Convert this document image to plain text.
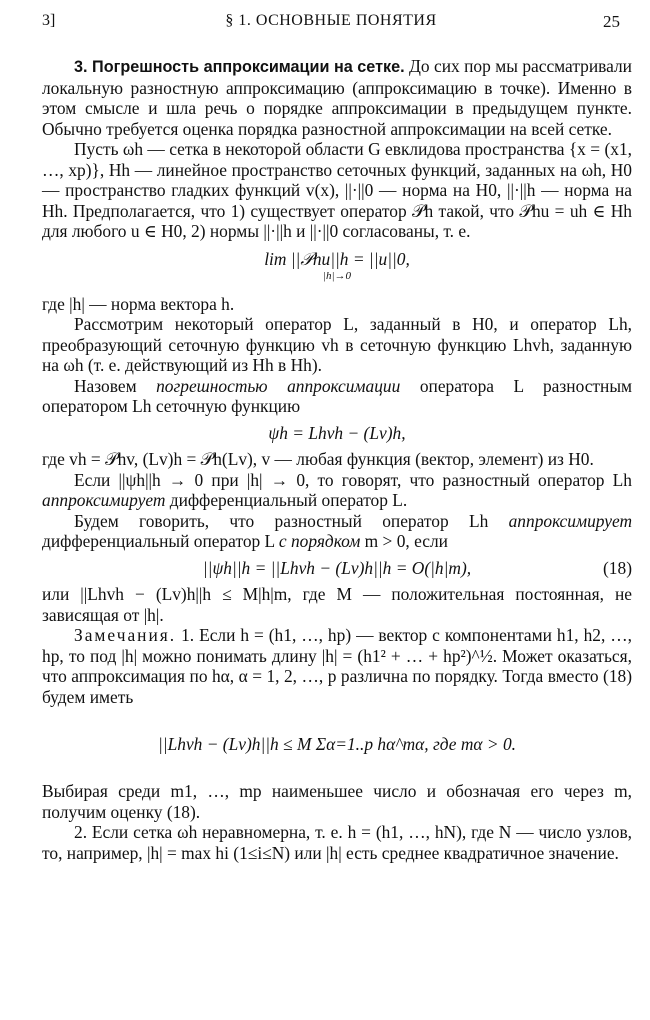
3]	§ 1. ОСНОВНЫЕ ПОНЯТИЯ	25

3. Погрешность аппроксимации на сетке. До сих пор мы рассматривали локальную разностную аппроксимацию (аппроксимацию в точке). Именно в этом смысле и шла речь о порядке аппроксимации в предыдущем пункте. Обычно требуется оценка порядка разностной аппроксимации на всей сетке.

Пусть ωh — сетка в некоторой области G евклидова пространства {x = (x1, …, xp)}, Hh — линейное пространство сеточных функций, заданных на ωh, H0 — пространство гладких функций v(x), ||·||0 — норма на H0, ||·||h — норма на Hh. Предполагается, что 1) существует оператор 𝒫h такой, что 𝒫hu = uh ∈ Hh для любого u ∈ H0, 2) нормы ||·||h и ||·||0 согласованы, т. е.

lim ||𝒫hu||h = ||u||0,
|h|→0

где |h| — норма вектора h.

Рассмотрим некоторый оператор L, заданный в H0, и оператор Lh, преобразующий сеточную функцию vh в сеточную функцию Lhvh, заданную на ωh (т. е. действующий из Hh в Hh).

Назовем погрешностью аппроксимации оператора L разностным оператором Lh сеточную функцию

ψh = Lhvh − (Lv)h,

где vh = 𝒫hv, (Lv)h = 𝒫h(Lv), v — любая функция (вектор, элемент) из H0.

Если ||ψh||h → 0 при |h| → 0, то говорят, что разностный оператор Lh аппроксимирует дифференциальный оператор L.

Будем говорить, что разностный оператор Lh аппроксимирует дифференциальный оператор L с порядком m > 0, если

||ψh||h = ||Lhvh − (Lv)h||h = O(|h|m),	(18)

или ||Lhvh − (Lv)h||h ≤ M|h|m, где M — положительная постоянная, не зависящая от |h|.

Замечания. 1. Если h = (h1, …, hp) — вектор с компонентами h1, h2, …, hp, то под |h| можно понимать длину |h| = (h1² + … + hp²)^½. Может оказаться, что аппроксимация по hα, α = 1, 2, …, p различна по порядку. Тогда вместо (18) будем иметь

||Lhvh − (Lv)h||h ≤ M Σα=1..p hα^mα, где mα > 0.

Выбирая среди m1, …, mp наименьшее число и обозначая его через m, получим оценку (18).

2. Если сетка ωh неравномерна, т. е. h = (h1, …, hN), где N — число узлов, то, например, |h| = max hi (1≤i≤N) или |h| есть среднее квадратичное значение.
